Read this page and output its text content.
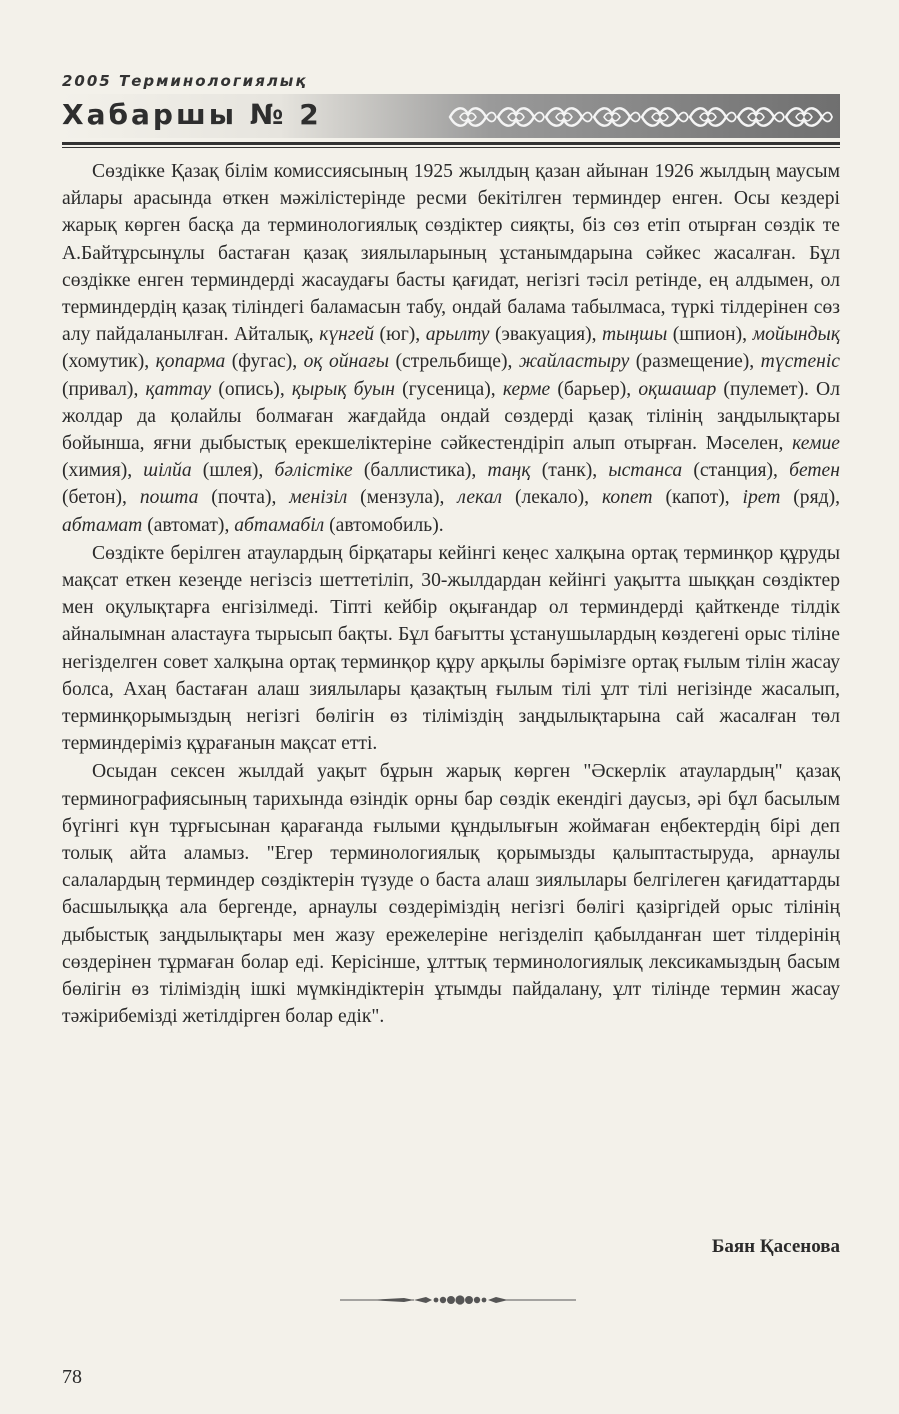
2005 Терминологиялық
Хабаршы № 2

Сөздікке Қазақ білім комиссиясының 1925 жылдың қазан айынан 1926 жылдың маусым айлары арасында өткен мәжілістерінде ресми бекітілген терминдер енген. Осы кездері жарық көрген басқа да терминологиялық сөздіктер сияқты, біз сөз етіп отырған сөздік те А.Байтұрсынұлы бастаған қазақ зиялыларының ұстанымдарына сәйкес жасалған. Бұл сөздікке енген терминдерді жасаудағы басты қағидат, негізгі тәсіл ретінде, ең алдымен, ол терминдердің қазақ тіліндегі баламасын табу, ондай балама табылмаса, түркі тілдерінен сөз алу пайдаланылған. Айталық, күнгей (юг), арылту (эвакуация), тыңшы (шпион), мойындық (хомутик), қопарма (фугас), оқ ойнағы (стрельбище), жайластыру (размещение), түстеніс (привал), қаттау (опись), қырық буын (гусеница), керме (барьер), оқшашар (пулемет). Ол жолдар да қолайлы болмаған жағдайда ондай сөздерді қазақ тілінің заңдылықтары бойынша, яғни дыбыстық ерекшеліктеріне сәйкестендіріп алып отырған. Мәселен, кемие (химия), шілйа (шлея), бәлістіке (баллистика), таңқ (танк), ыстанса (станция), бетен (бетон), пошта (почта), менізіл (мензула), лекал (лекало), копет (капот), ірет (ряд), абтамат (автомат), абтамабіл (автомобиль).

Сөздікте берілген атаулардың бірқатары кейінгі кеңес халқына ортақ терминқор құруды мақсат еткен кезеңде негізсіз шеттетіліп, 30-жылдардан кейінгі уақытта шыққан сөздіктер мен оқулықтарға енгізілмеді. Тіпті кейбір оқығандар ол терминдерді қайткенде тілдік айналымнан аластауға тырысып бақты. Бұл бағытты ұстанушылардың көздегені орыс тіліне негізделген совет халқына ортақ терминқор құру арқылы бәрімізге ортақ ғылым тілін жасау болса, Ахаң бастаған алаш зиялылары қазақтың ғылым тілі ұлт тілі негізінде жасалып, терминқорымыздың негізгі бөлігін өз тіліміздің заңдылықтарына сай жасалған төл терминдеріміз құрағанын мақсат етті.

Осыдан сексен жылдай уақыт бұрын жарық көрген "Әскерлік атаулардың" қазақ терминографиясының тарихында өзіндік орны бар сөздік екендігі даусыз, әрі бұл басылым бүгінгі күн тұрғысынан қарағанда ғылыми құндылығын жоймаған еңбектердің бірі деп толық айта аламыз. "Егер терминологиялық қорымызды қалыптастыруда, арнаулы салалардың терминдер сөздіктерін түзуде о баста алаш зиялылары белгілеген қағидаттарды басшылыққа ала бергенде, арнаулы сөздеріміздің негізгі бөлігі қазіргідей орыс тілінің дыбыстық заңдылықтары мен жазу ережелеріне негізделіп қабылданған шет тілдерінің сөздерінен тұрмаған болар еді. Керісінше, ұлттық терминологиялық лексикамыздың басым бөлігін өз тіліміздің ішкі мүмкіндіктерін ұтымды пайдалану, ұлт тілінде термин жасау тәжірибемізді жетілдірген болар едік".

Баян Қасенова
78
